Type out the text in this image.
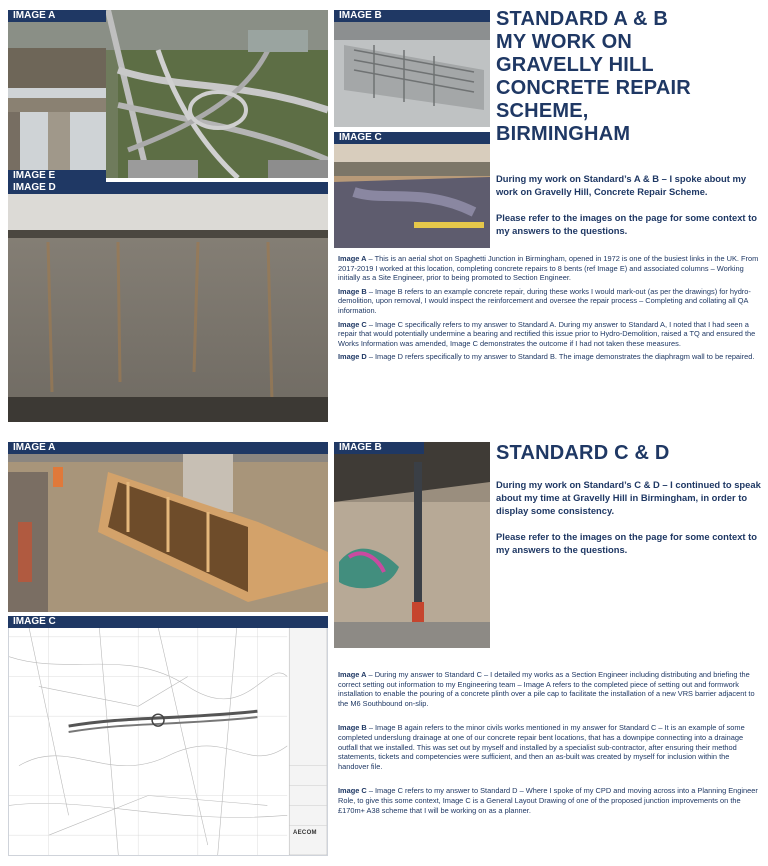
IMAGE A
IMAGE E
IMAGE B
IMAGE C
IMAGE D
STANDARD A & B
MY WORK ON
GRAVELLY HILL
CONCRETE REPAIR
SCHEME,
BIRMINGHAM

During my work on Standard’s A & B – I spoke about my work on Gravelly Hill, Concrete Repair Scheme.

Please refer to the images on the page for some context to my answers to the questions.

Image A – This is an aerial shot on Spaghetti Junction in Birmingham, opened in 1972 is one of the busiest links in the UK. From 2017-2019 I worked at this location, completing concrete repairs to 8 bents (ref Image E) and associated columns – Working initially as a Site Engineer, prior to being promoted to Section Engineer.

Image B – Image B refers to an example concrete repair, during these works I would mark-out (as per the drawings) for hydro-demolition, upon removal, I would inspect the reinforcement and oversee the repair process – Completing and collating all QA information.

Image C – Image C specifically refers to my answer to Standard A. During my answer to Standard A, I noted that I had seen a repair that would potentially undermine a bearing and rectified this issue prior to Hydro-Demolition, raised a TQ and ensured the Works Information was amended, Image C demonstrates the outcome if I had not taken these measures.

Image D – Image D refers specifically to my answer to Standard B. The image demonstrates the diaphragm wall to be repaired.

IMAGE A	IMAGE B
AECOM
IMAGE C
STANDARD C & D

During my work on Standard’s C & D – I continued to speak about my time at Gravelly Hill in Birmingham, in order to display some consistency.

Please refer to the images on the page for some context to my answers to the questions.

Image A – During my answer to Standard C – I detailed my works as a Section Engineer including distributing and briefing the correct setting out information to my Engineering team – Image A refers to the completed piece of setting out and formwork installation to enable the pouring of a concrete plinth over a pile cap to facilitate the installation of a new VRS barrier adjacent to the M6 Southbound on-slip.

Image B – Image B again refers to the minor civils works mentioned in my answer for Standard C – It is an example of some completed underslung drainage at one of our concrete repair bent locations, that has a downpipe connecting into a drainage outfall that we installed. This was set out by myself and installed by a specialist sub-contractor, after ensuring their method statements, tickets and competencies were sufficient, and then an as-built was created by myself for inclusion within the handover file.

Image C – Image C refers to my answer to Standard D – Where I spoke of my CPD and moving across into a Planning Engineer Role, to give this some context, Image C is a General Layout Drawing of one of the proposed junction improvements on the £170m+ A38 scheme that I will be working on as a planner.
